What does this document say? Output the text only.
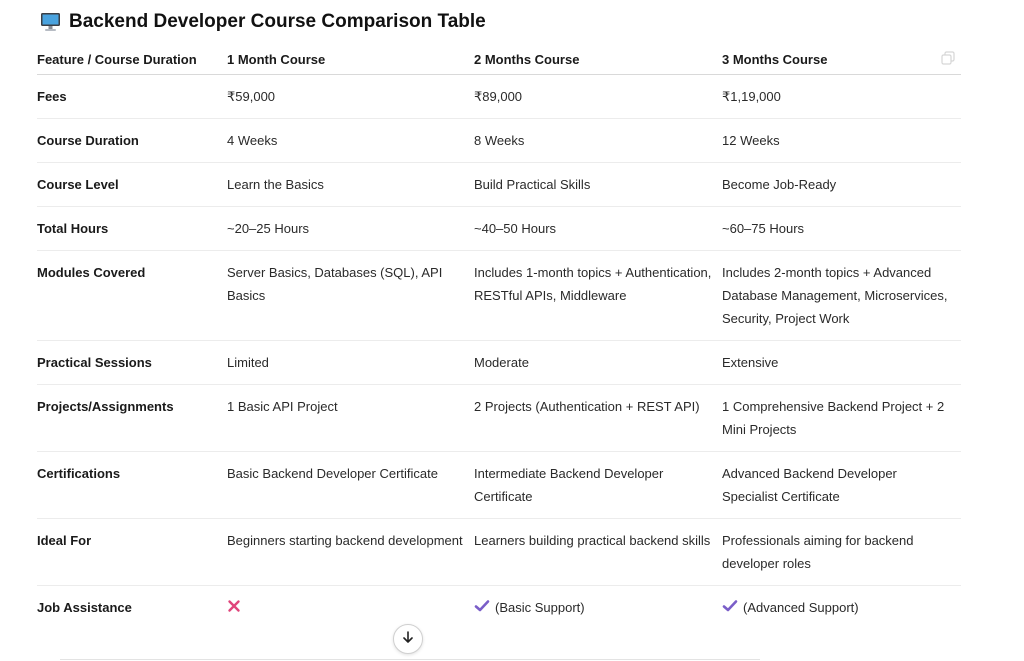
Backend Developer Course Comparison Table
Feature / Course Duration	1 Month Course	2 Months Course	3 Months Course
Fees	₹59,000	₹89,000	₹1,19,000
Course Duration	4 Weeks	8 Weeks	12 Weeks
Course Level	Learn the Basics	Build Practical Skills	Become Job-Ready
Total Hours	~20–25 Hours	~40–50 Hours	~60–75 Hours
Modules Covered	Server Basics, Databases (SQL), API Basics	Includes 1-month topics + Authentication, RESTful APIs, Middleware	Includes 2-month topics + Advanced Database Management, Microservices, Security, Project Work
Practical Sessions	Limited	Moderate	Extensive
Projects/Assignments	1 Basic API Project	2 Projects (Authentication + REST API)	1 Comprehensive Backend Project + 2 Mini Projects
Certifications	Basic Backend Developer Certificate	Intermediate Backend Developer Certificate	Advanced Backend Developer Specialist Certificate
Ideal For	Beginners starting backend development	Learners building practical backend skills	Professionals aiming for backend developer roles
Job Assistance		(Basic Support)	(Advanced Support)
